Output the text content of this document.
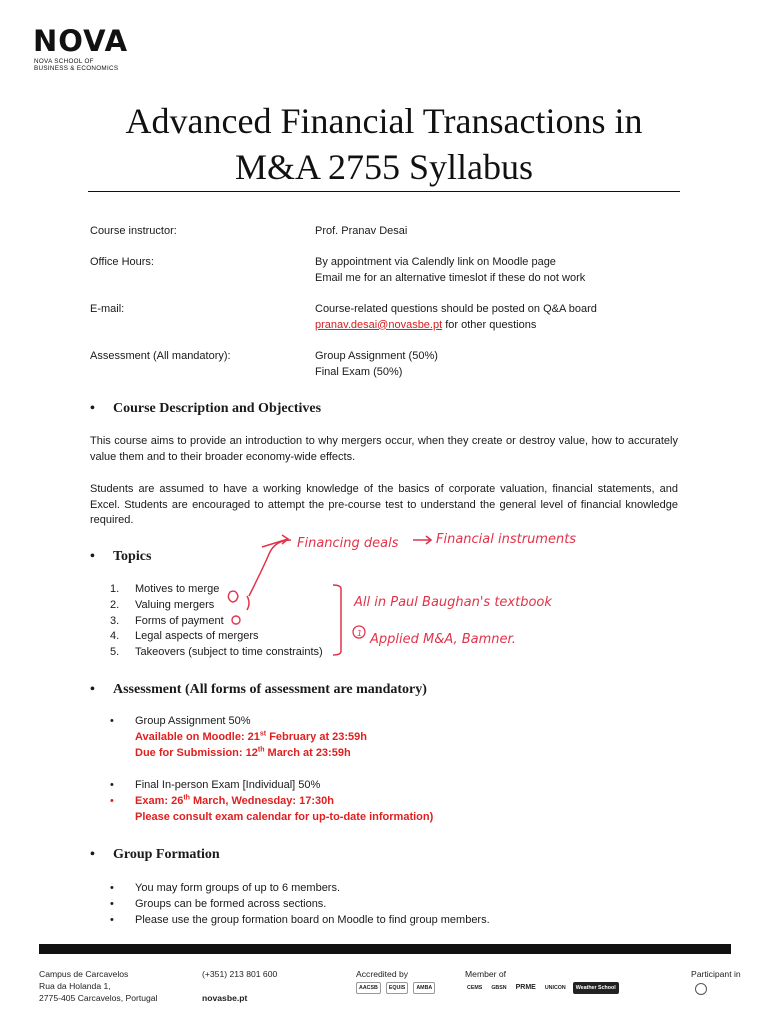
NOVA
NOVA SCHOOL OF
BUSINESS & ECONOMICS
Advanced Financial Transactions in
M&A 2755 Syllabus
Course instructor:	Prof. Pranav Desai
Office Hours:	By appointment via Calendly link on Moodle page
Email me for an alternative timeslot if these do not work
E-mail:	Course-related questions should be posted on Q&A board
pranav.desai@novasbe.pt for other questions
Assessment (All mandatory):	Group Assignment (50%)
Final Exam (50%)
• Course Description and Objectives
This course aims to provide an introduction to why mergers occur, when they create or destroy value, how to accurately value them and to their broader economy-wide effects.
Students are assumed to have a working knowledge of the basics of corporate valuation, financial statements, and Excel. Students are encouraged to attempt the pre-course test to understand the general level of financial knowledge required.
• Topics
1. Motives to merge
2. Valuing mergers
3. Forms of payment
4. Legal aspects of mergers
5. Takeovers (subject to time constraints)
• Assessment (All forms of assessment are mandatory)
• Group Assignment 50%
Available on Moodle: 21st February at 23:59h
Due for Submission: 12th March at 23:59h
• Final In-person Exam [Individual] 50%
• Exam: 26th March, Wednesday: 17:30h
Please consult exam calendar for up-to-date information)
• Group Formation
• You may form groups of up to 6 members.
• Groups can be formed across sections.
• Please use the group formation board on Moodle to find group members.
Financing deals	Financial instruments
All in Paul Baughan's textbook
1 Applied M&A, Bamner.
Campus de Carcavelos
Rua da Holanda 1,
2775-405 Carcavelos, Portugal
(+351) 213 801 600
novasbe.pt
Accredited by
AACSB	EQUIS	AMBA
Member of
CEMS	GBSN PRME	UNICON	Weather School
Participant in
